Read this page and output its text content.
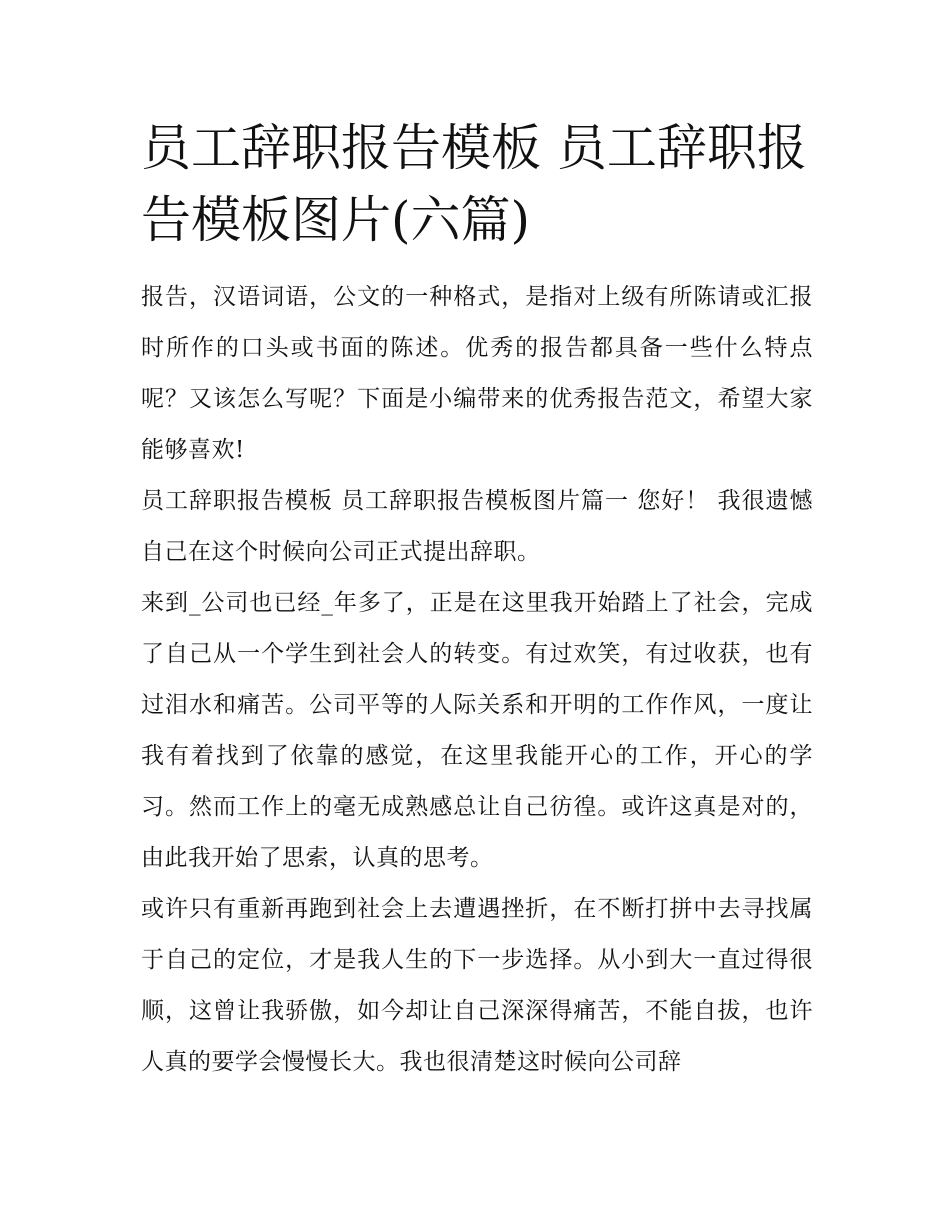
员工辞职报告模板 员工辞职报告模板图片(六篇)

报告，汉语词语，公文的一种格式，是指对上级有所陈请或汇报时所作的口头或书面的陈述。优秀的报告都具备一些什么特点呢？又该怎么写呢？下面是小编带来的优秀报告范文，希望大家能够喜欢!

员工辞职报告模板 员工辞职报告模板图片篇一 您好！ 我很遗憾自己在这个时候向公司正式提出辞职。

来到_公司也已经_年多了，正是在这里我开始踏上了社会，完成了自己从一个学生到社会人的转变。有过欢笑，有过收获，也有过泪水和痛苦。公司平等的人际关系和开明的工作作风，一度让我有着找到了依靠的感觉，在这里我能开心的工作，开心的学习。然而工作上的毫无成熟感总让自己彷徨。或许这真是对的，由此我开始了思索，认真的思考。

或许只有重新再跑到社会上去遭遇挫折，在不断打拼中去寻找属于自己的定位，才是我人生的下一步选择。从小到大一直过得很顺，这曾让我骄傲，如今却让自己深深得痛苦，不能自拔，也许人真的要学会慢慢长大。我也很清楚这时候向公司辞
